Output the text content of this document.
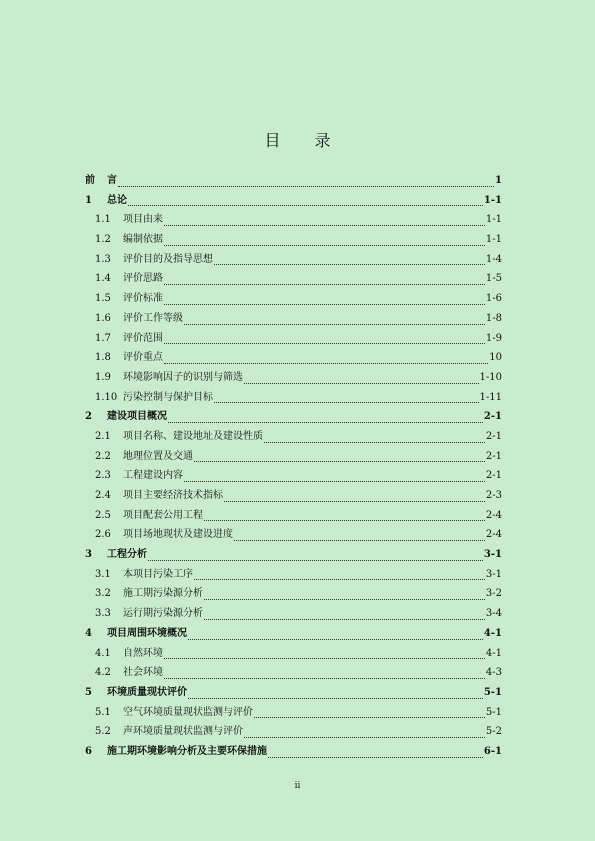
目 录
前	言	1
1	总论	1-1
1.1	项目由来	1-1
1.2	编制依据	1-1
1.3	评价目的及指导思想	1-4
1.4	评价思路	1-5
1.5	评价标准	1-6
1.6	评价工作等级	1-8
1.7	评价范围	1-9
1.8	评价重点	10
1.9	环境影响因子的识别与筛选	1-10
1.10 污染控制与保护目标	1-11
2	建设项目概况	2-1
2.1	项目名称、建设地址及建设性质	2-1
2.2	地理位置及交通	2-1
2.3	工程建设内容	2-1
2.4	项目主要经济技术指标	2-3
2.5	项目配套公用工程	2-4
2.6	项目场地现状及建设进度	2-4
3	工程分析	3-1
3.1	本项目污染工序	3-1
3.2	施工期污染源分析	3-2
3.3	运行期污染源分析	3-4
4	项目周围环境概况	4-1
4.1	自然环境	4-1
4.2	社会环境	4-3
5	环境质量现状评价	5-1
5.1	空气环境质量现状监测与评价	5-1
5.2	声环境质量现状监测与评价	5-2
6	施工期环境影响分析及主要环保措施	6-1
ii
